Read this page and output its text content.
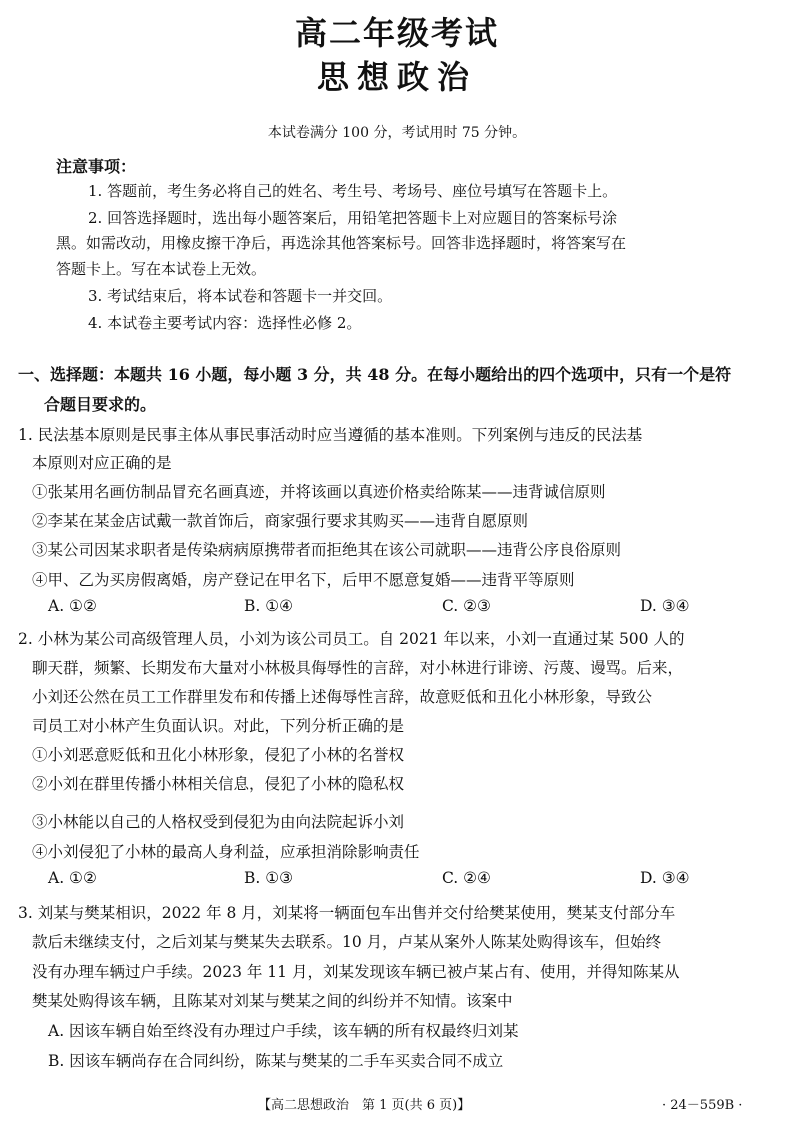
高二年级考试
思想政治
本试卷满分 100 分，考试用时 75 分钟。
注意事项：
1. 答题前，考生务必将自己的姓名、考生号、考场号、座位号填写在答题卡上。
2. 回答选择题时，选出每小题答案后，用铅笔把答题卡上对应题目的答案标号涂
黑。如需改动，用橡皮擦干净后，再选涂其他答案标号。回答非选择题时，将答案写在
答题卡上。写在本试卷上无效。
3. 考试结束后，将本试卷和答题卡一并交回。
4. 本试卷主要考试内容：选择性必修 2。
一、选择题：本题共 16 小题，每小题 3 分，共 48 分。在每小题给出的四个选项中，只有一个是符
合题目要求的。
1. 民法基本原则是民事主体从事民事活动时应当遵循的基本准则。下列案例与违反的民法基
本原则对应正确的是
①张某用名画仿制品冒充名画真迹，并将该画以真迹价格卖给陈某——违背诚信原则
②李某在某金店试戴一款首饰后，商家强行要求其购买——违背自愿原则
③某公司因某求职者是传染病病原携带者而拒绝其在该公司就职——违背公序良俗原则
④甲、乙为买房假离婚，房产登记在甲名下，后甲不愿意复婚——违背平等原则
A. ①②	B. ①④	C. ②③	D. ③④
2. 小林为某公司高级管理人员，小刘为该公司员工。自 2021 年以来，小刘一直通过某 500 人的
聊天群，频繁、长期发布大量对小林极具侮辱性的言辞，对小林进行诽谤、污蔑、谩骂。后来，
小刘还公然在员工工作群里发布和传播上述侮辱性言辞，故意贬低和丑化小林形象，导致公
司员工对小林产生负面认识。对此，下列分析正确的是
①小刘恶意贬低和丑化小林形象，侵犯了小林的名誉权
②小刘在群里传播小林相关信息，侵犯了小林的隐私权
③小林能以自己的人格权受到侵犯为由向法院起诉小刘
④小刘侵犯了小林的最高人身利益，应承担消除影响责任
A. ①②	B. ①③	C. ②④	D. ③④
3. 刘某与樊某相识，2022 年 8 月，刘某将一辆面包车出售并交付给樊某使用，樊某支付部分车
款后未继续支付，之后刘某与樊某失去联系。10 月，卢某从案外人陈某处购得该车，但始终
没有办理车辆过户手续。2023 年 11 月，刘某发现该车辆已被卢某占有、使用，并得知陈某从
樊某处购得该车辆，且陈某对刘某与樊某之间的纠纷并不知情。该案中
A. 因该车辆自始至终没有办理过户手续，该车辆的所有权最终归刘某
B. 因该车辆尚存在合同纠纷，陈某与樊某的二手车买卖合同不成立
【高二思想政治　第 1 页(共 6 页)】	· 24－559B ·
